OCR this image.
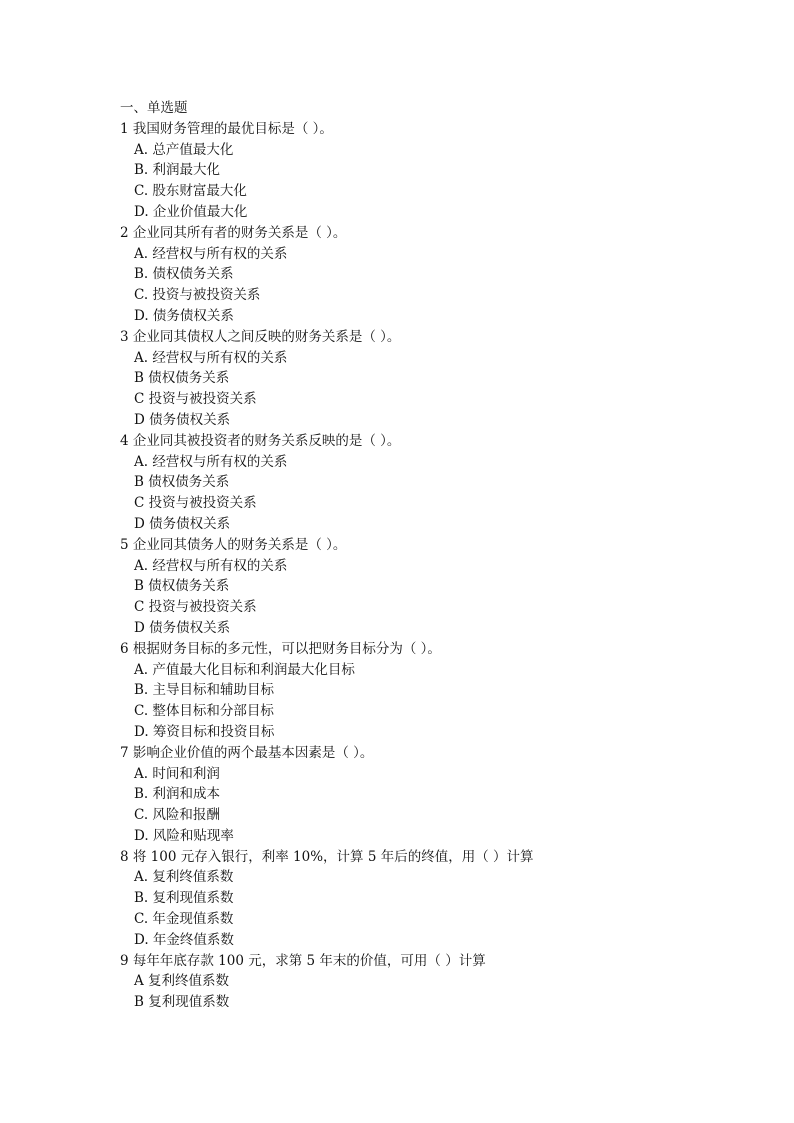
一、单选题
1 我国财务管理的最优目标是（ ）。
A. 总产值最大化
B. 利润最大化
C. 股东财富最大化
D. 企业价值最大化
2 企业同其所有者的财务关系是（ ）。
A. 经营权与所有权的关系
B. 债权债务关系
C. 投资与被投资关系
D. 债务债权关系
3 企业同其债权人之间反映的财务关系是（ ）。
A. 经营权与所有权的关系
B 债权债务关系
C 投资与被投资关系
D 债务债权关系
4 企业同其被投资者的财务关系反映的是（ ）。
A. 经营权与所有权的关系
B 债权债务关系
C 投资与被投资关系
D 债务债权关系
5 企业同其债务人的财务关系是（ ）。
A. 经营权与所有权的关系
B 债权债务关系
C 投资与被投资关系
D 债务债权关系
6 根据财务目标的多元性，可以把财务目标分为（ ）。
A. 产值最大化目标和利润最大化目标
B. 主导目标和辅助目标
C. 整体目标和分部目标
D. 筹资目标和投资目标
7 影响企业价值的两个最基本因素是（ ）。
A. 时间和利润
B. 利润和成本
C. 风险和报酬
D. 风险和贴现率
8 将 100 元存入银行，利率 10%，计算 5 年后的终值，用（ ）计算
A. 复利终值系数
B. 复利现值系数
C. 年金现值系数
D. 年金终值系数
9 每年年底存款 100 元，求第 5 年末的价值，可用（ ）计算
A 复利终值系数
B 复利现值系数
